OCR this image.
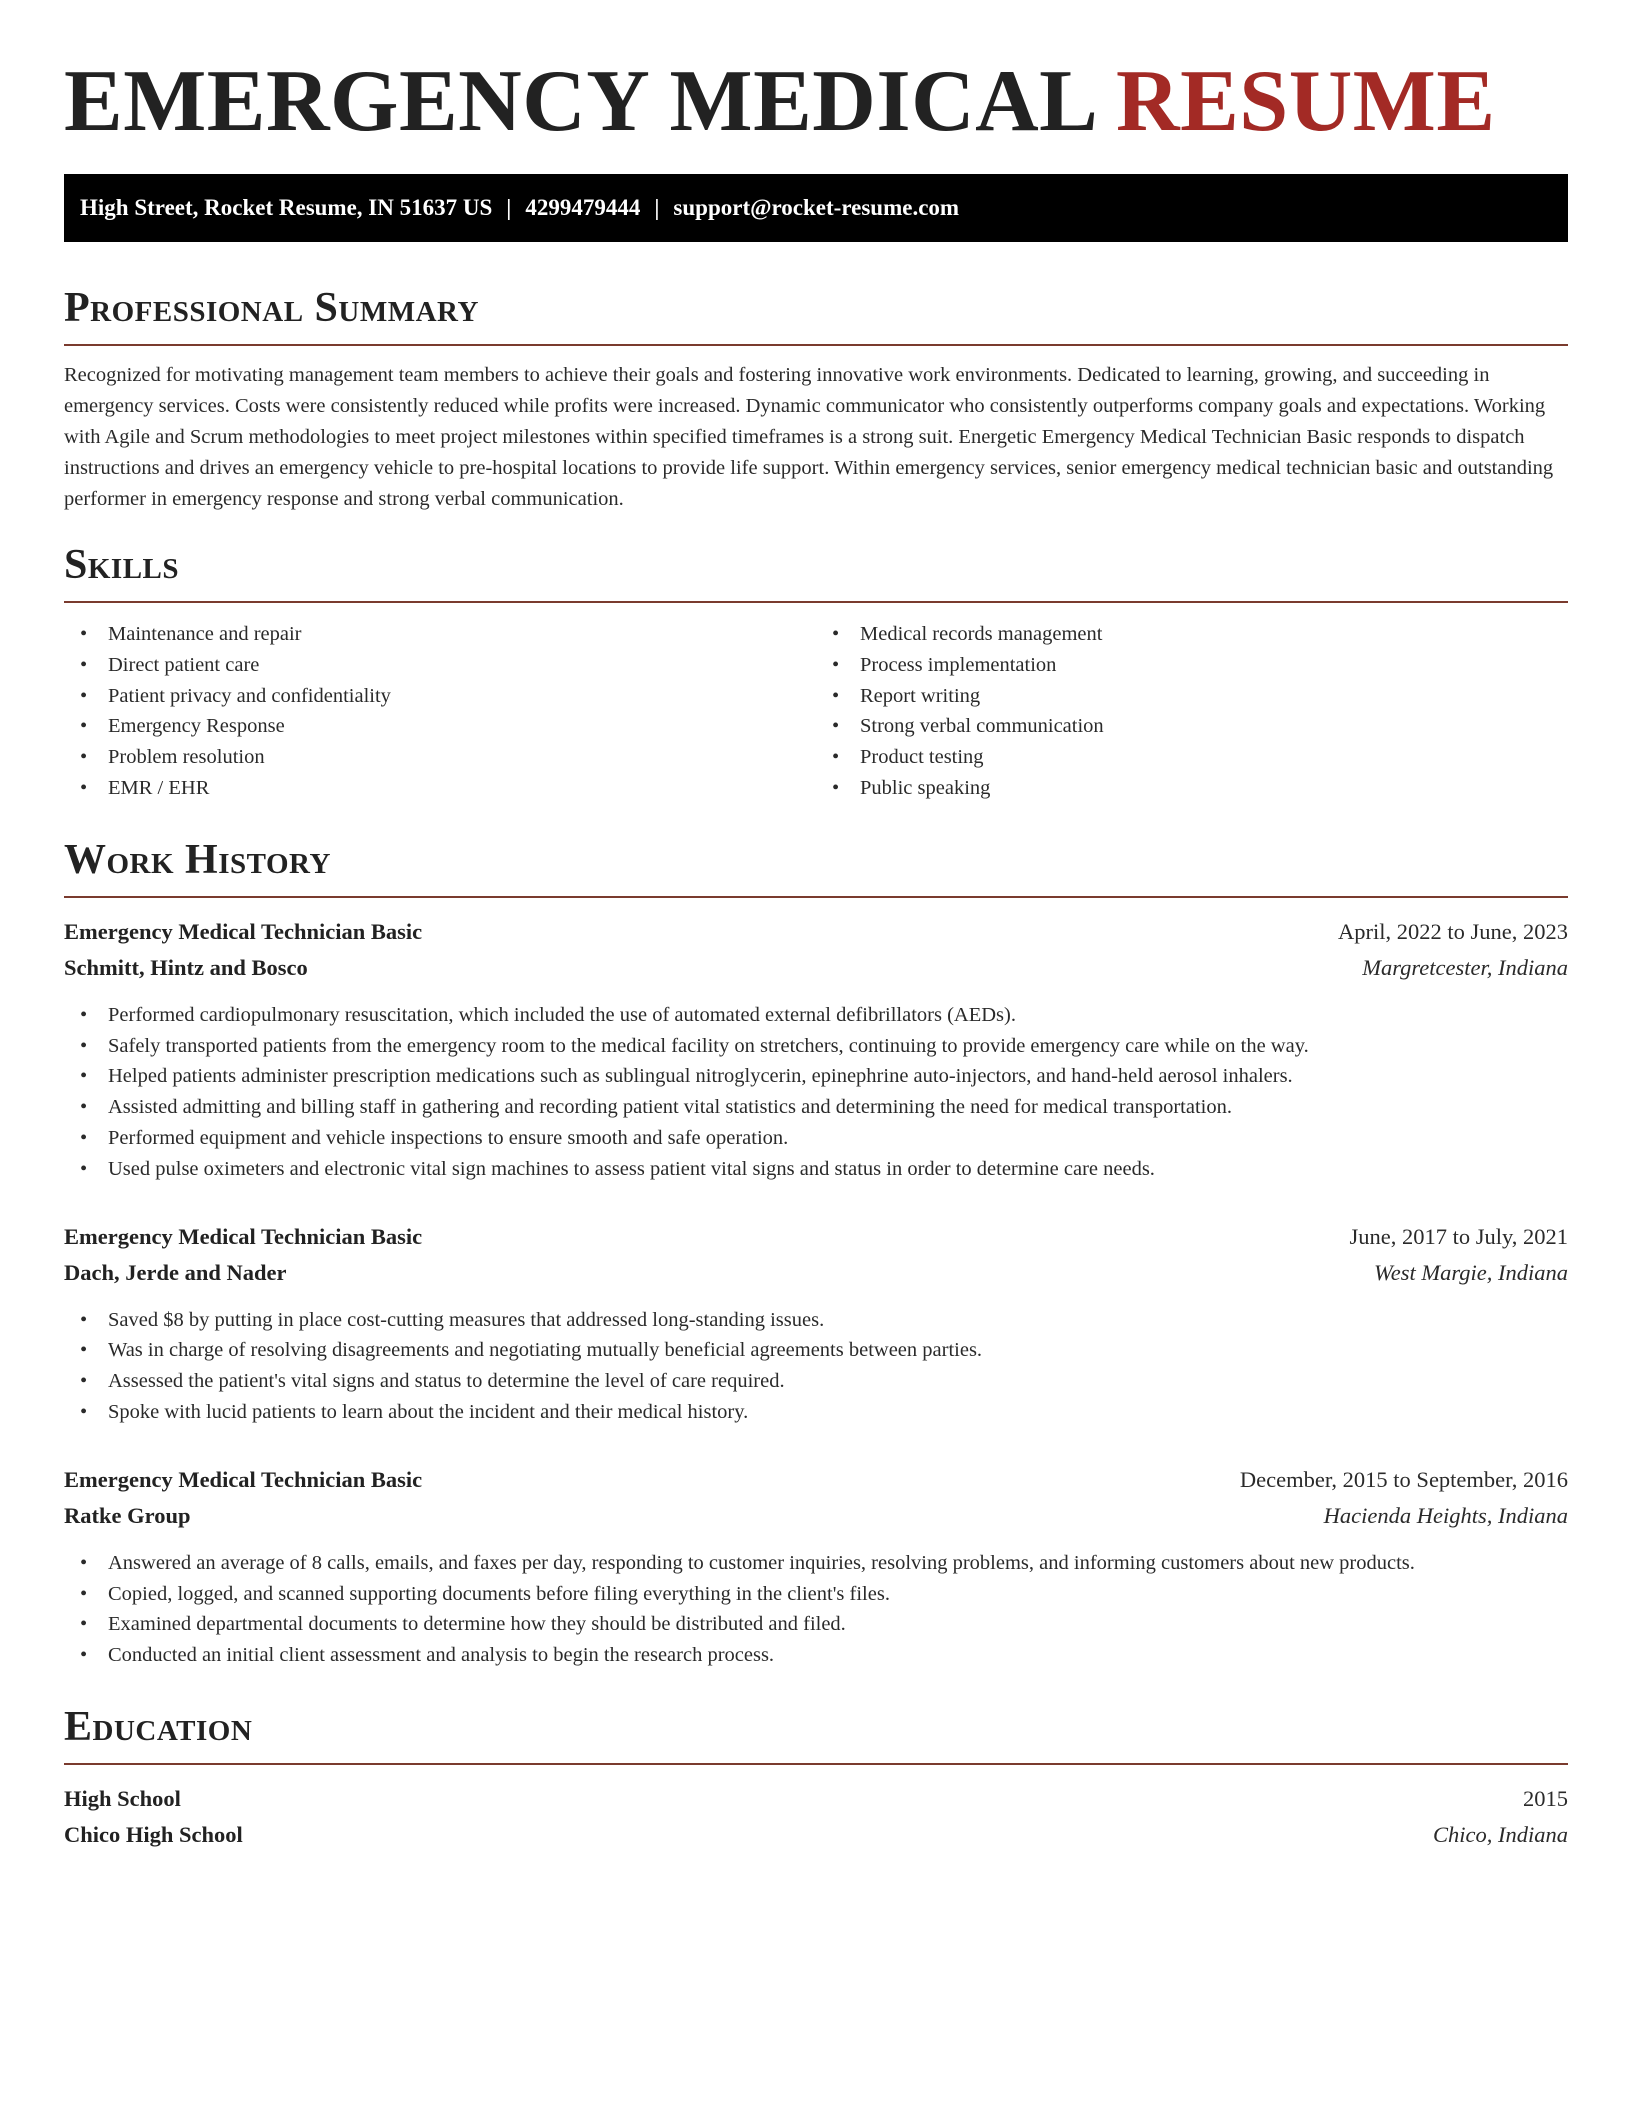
EMERGENCY MEDICAL RESUME
High Street, Rocket Resume, IN 51637 US | 4299479444 | support@rocket-resume.com
Professional Summary

Recognized for motivating management team members to achieve their goals and fostering innovative work environments. Dedicated to learning, growing, and succeeding in emergency services. Costs were consistently reduced while profits were increased. Dynamic communicator who consistently outperforms company goals and expectations. Working with Agile and Scrum methodologies to meet project milestones within specified timeframes is a strong suit. Energetic Emergency Medical Technician Basic responds to dispatch instructions and drives an emergency vehicle to pre-hospital locations to provide life support. Within emergency services, senior emergency medical technician basic and outstanding performer in emergency response and strong verbal communication.

Skills
• Maintenance and repair
• Direct patient care
• Patient privacy and confidentiality
• Emergency Response
• Problem resolution
• EMR / EHR
• Medical records management
• Process implementation
• Report writing
• Strong verbal communication
• Product testing
• Public speaking
Work History
Emergency Medical Technician Basic	April, 2022 to June, 2023
Schmitt, Hintz and Bosco	Margretcester, Indiana
• Performed cardiopulmonary resuscitation, which included the use of automated external defibrillators (AEDs).
• Safely transported patients from the emergency room to the medical facility on stretchers, continuing to provide emergency care while on the way.
• Helped patients administer prescription medications such as sublingual nitroglycerin, epinephrine auto-injectors, and hand-held aerosol inhalers.
• Assisted admitting and billing staff in gathering and recording patient vital statistics and determining the need for medical transportation.
• Performed equipment and vehicle inspections to ensure smooth and safe operation.
• Used pulse oximeters and electronic vital sign machines to assess patient vital signs and status in order to determine care needs.
Emergency Medical Technician Basic	June, 2017 to July, 2021
Dach, Jerde and Nader	West Margie, Indiana
• Saved $8 by putting in place cost-cutting measures that addressed long-standing issues.
• Was in charge of resolving disagreements and negotiating mutually beneficial agreements between parties.
• Assessed the patient's vital signs and status to determine the level of care required.
• Spoke with lucid patients to learn about the incident and their medical history.
Emergency Medical Technician Basic	December, 2015 to September, 2016
Ratke Group	Hacienda Heights, Indiana
• Answered an average of 8 calls, emails, and faxes per day, responding to customer inquiries, resolving problems, and informing customers about new products.
• Copied, logged, and scanned supporting documents before filing everything in the client's files.
• Examined departmental documents to determine how they should be distributed and filed.
• Conducted an initial client assessment and analysis to begin the research process.
Education
High School	2015
Chico High School	Chico, Indiana
